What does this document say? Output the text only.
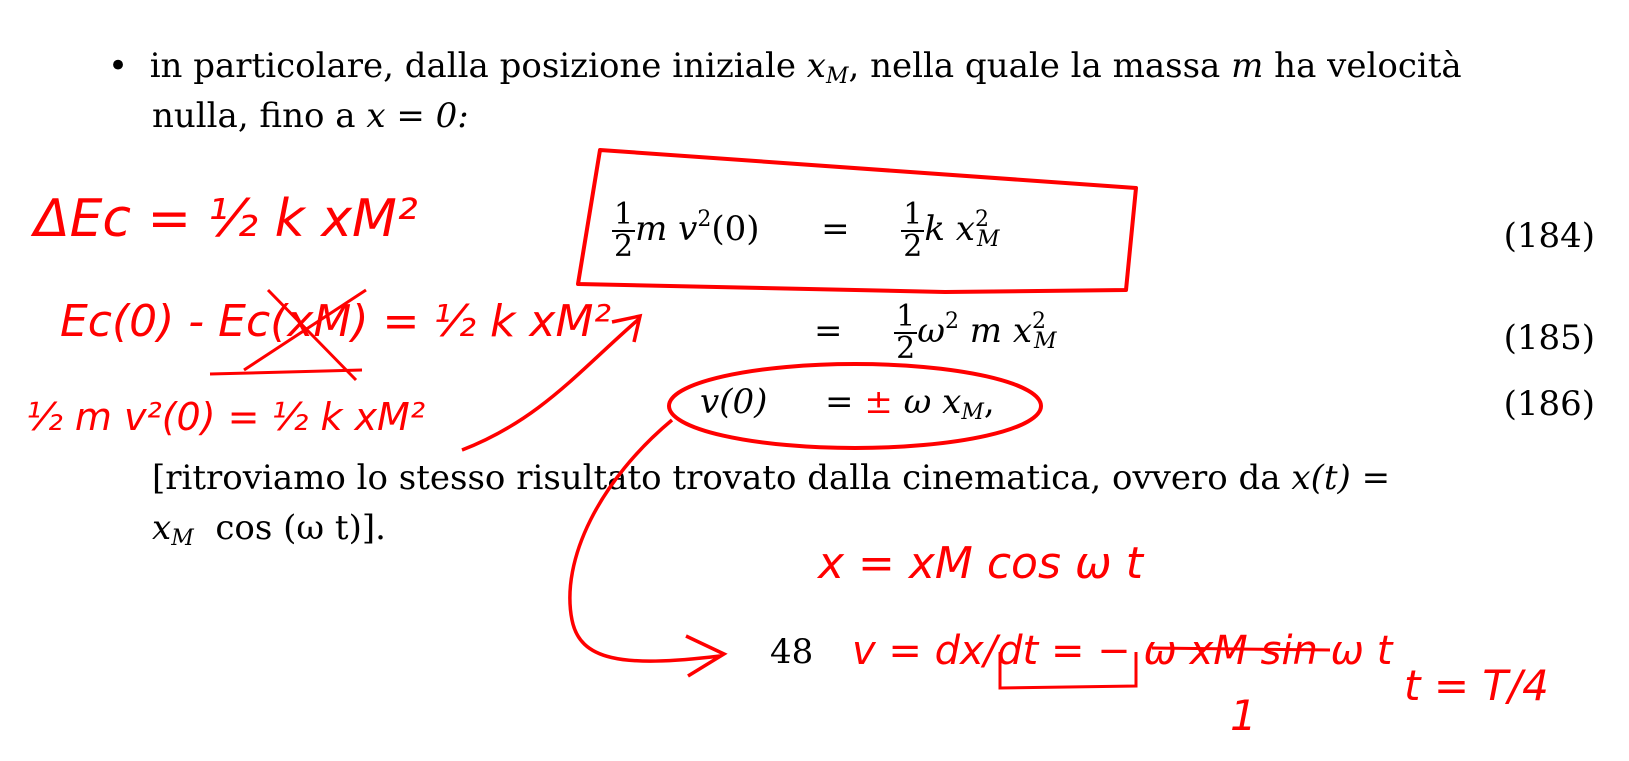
• in particolare, dalla posizione iniziale $x_M$, nella quale la massa m ha velocità
nulla, fino a x = 0:
$\frac{1}{2}$ m $v^2(0) = \frac{1}{2}$ k $x^2_M$	(184)
= $\frac{1}{2} \omega^2$ m $x^2_M$	(185)
v(0) = ± ω $x_M$,	(186)
[ritroviamo lo stesso risultato trovato dalla cinematica, ovvero da x(t) =
$x_M$ cos (ω t)].
48
ΔEc = ½ k xM²
Ec(0) - Ec(xM) = ½ k xM²
½ m v²(0) = ½ k xM²
x = xM cos ω t
v = dx/dt = − ω xM sin ω t
1
t = T/4
